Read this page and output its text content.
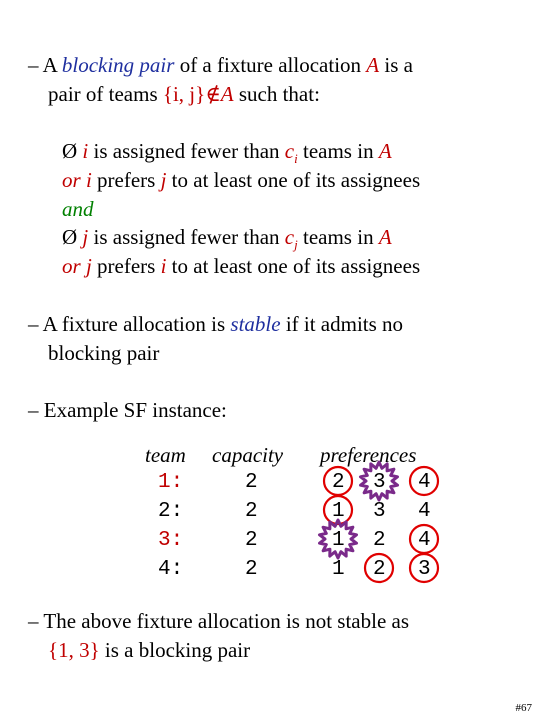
– A blocking pair of a fixture allocation A is a
pair of teams {i, j}∉A such that:
Ø i is assigned fewer than $c_i$ teams in A
or i prefers j to at least one of its assignees
and
Ø j is assigned fewer than $c_j$ teams in A
or j prefers i to at least one of its assignees
– A fixture allocation is stable if it admits no
blocking pair
– Example SF instance:
team capacity preferences
1:	2	2 3 4
2:	2	1 3 4
3:	2	1 2 4
4:	2	1 2 3
– The above fixture allocation is not stable as
{1, 3} is a blocking pair
#67
